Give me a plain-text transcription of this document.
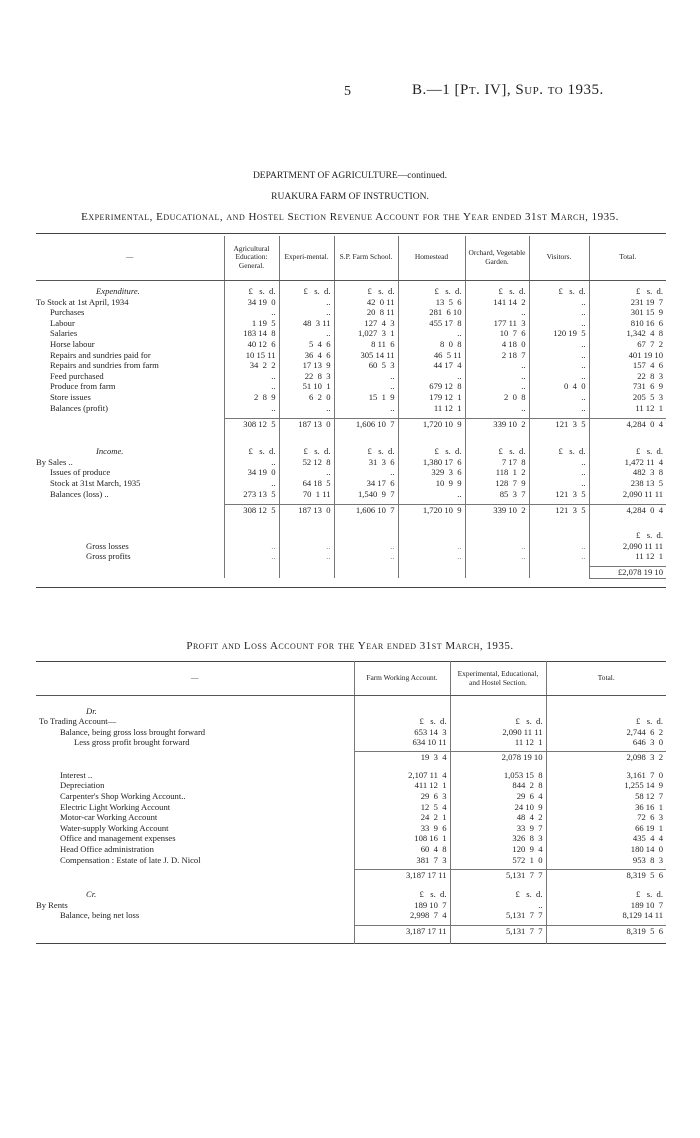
5	B.—1 [Pt. IV], Sup. to 1935.
DEPARTMENT OF AGRICULTURE—continued.
RUAKURA FARM OF INSTRUCTION.
Experimental, Educational, and Hostel Section Revenue Account for the Year ended 31st March, 1935.
—	Agricultural Education: General.	Experi-mental.	S.P. Farm School.	Homestead	Orchard, Vegetable Garden.	Visitors.	Total.

Expenditure.	£   s.  d.	£   s.  d.	£   s.  d.	£   s.  d.	£   s.  d.	£   s.  d.	£   s.  d.
To Stock at 1st April, 1934	34 19  0	..	42  0 11	13  5  6	141 14  2	..	231 19  7
Purchases	..	..	20  8 11	281  6 10	..	..	301 15  9
Labour	1 19  5	48  3 11	127  4  3	455 17  8	177 11  3	..	810 16  6
Salaries	183 14  8	..	1,027  3  1	..	10  7  6	120 19  5	1,342  4  8
Horse labour	40 12  6	5  4  6	8 11  6	8  0  8	4 18  0	..	67  7  2
Repairs and sundries paid for	10 15 11	36  4  6	305 14 11	46  5 11	2 18  7	..	401 19 10
Repairs and sundries from farm	34  2  2	17 13  9	60  5  3	44 17  4	..	..	157  4  6
Feed purchased	..	22  8  3	..	..	..	..	22  8  3
Produce from farm	..	51 10  1	..	679 12  8	..	0  4  0	731  6  9
Store issues	2  8  9	6  2  0	15  1  9	179 12  1	2  0  8	..	205  5  3
Balances (profit)	..	..	..	11 12  1	..	..	11 12  1

	308 12  5	187 13  0	1,606 10  7	1,720 10  9	339 10  2	121  3  5	4,284  0  4

Income.	£   s.  d.	£   s.  d.	£   s.  d.	£   s.  d.	£   s.  d.	£   s.  d.	£   s.  d.
By Sales ..	..	52 12  8	31  3  6	1,380 17  6	7 17  8	..	1,472 11  4
Issues of produce	34 19  0	..	..	329  3  6	118  1  2	..	482  3  8
Stock at 31st March, 1935	..	64 18  5	34 17  6	10  9  9	128  7  9	..	238 13  5
Balances (loss) ..	273 13  5	70  1 11	1,540  9  7	..	85  3  7	121  3  5	2,090 11 11

	308 12  5	187 13  0	1,606 10  7	1,720 10  9	339 10  2	121  3  5	4,284  0  4

							£   s.  d.
Gross losses	..	..	..	..	..	..	2,090 11 11
Gross profits	..	..	..	..	..	..	11 12  1

							£2,078 19 10
Profit and Loss Account for the Year ended 31st March, 1935.
—	Farm Working Account.	Experimental, Educational, and Hostel Section.	Total.

Dr.			
To Trading Account—	£   s.  d.	£   s.  d.	£   s.  d.
Balance, being gross loss brought forward	653 14  3	2,090 11 11	2,744  6  2
Less gross profit brought forward	634 10 11	11 12  1	646  3  0

	19  3  4	2,078 19 10	2,098  3  2

Interest ..	2,107 11  4	1,053 15  8	3,161  7  0
Depreciation	411 12  1	844  2  8	1,255 14  9
Carpenter's Shop Working Account..	29  6  3	29  6  4	58 12  7
Electric Light Working Account	12  5  4	24 10  9	36 16  1
Motor-car Working Account	24  2  1	48  4  2	72  6  3
Water-supply Working Account	33  9  6	33  9  7	66 19  1
Office and management expenses	108 16  1	326  8  3	435  4  4
Head Office administration	60  4  8	120  9  4	180 14  0
Compensation : Estate of late J. D. Nicol	381  7  3	572  1  0	953  8  3

	3,187 17 11	5,131  7  7	8,319  5  6

Cr.	£   s.  d.	£   s.  d.	£   s.  d.
By Rents	189 10  7	..	189 10  7
Balance, being net loss	2,998  7  4	5,131  7  7	8,129 14 11

	3,187 17 11	5,131  7  7	8,319  5  6
